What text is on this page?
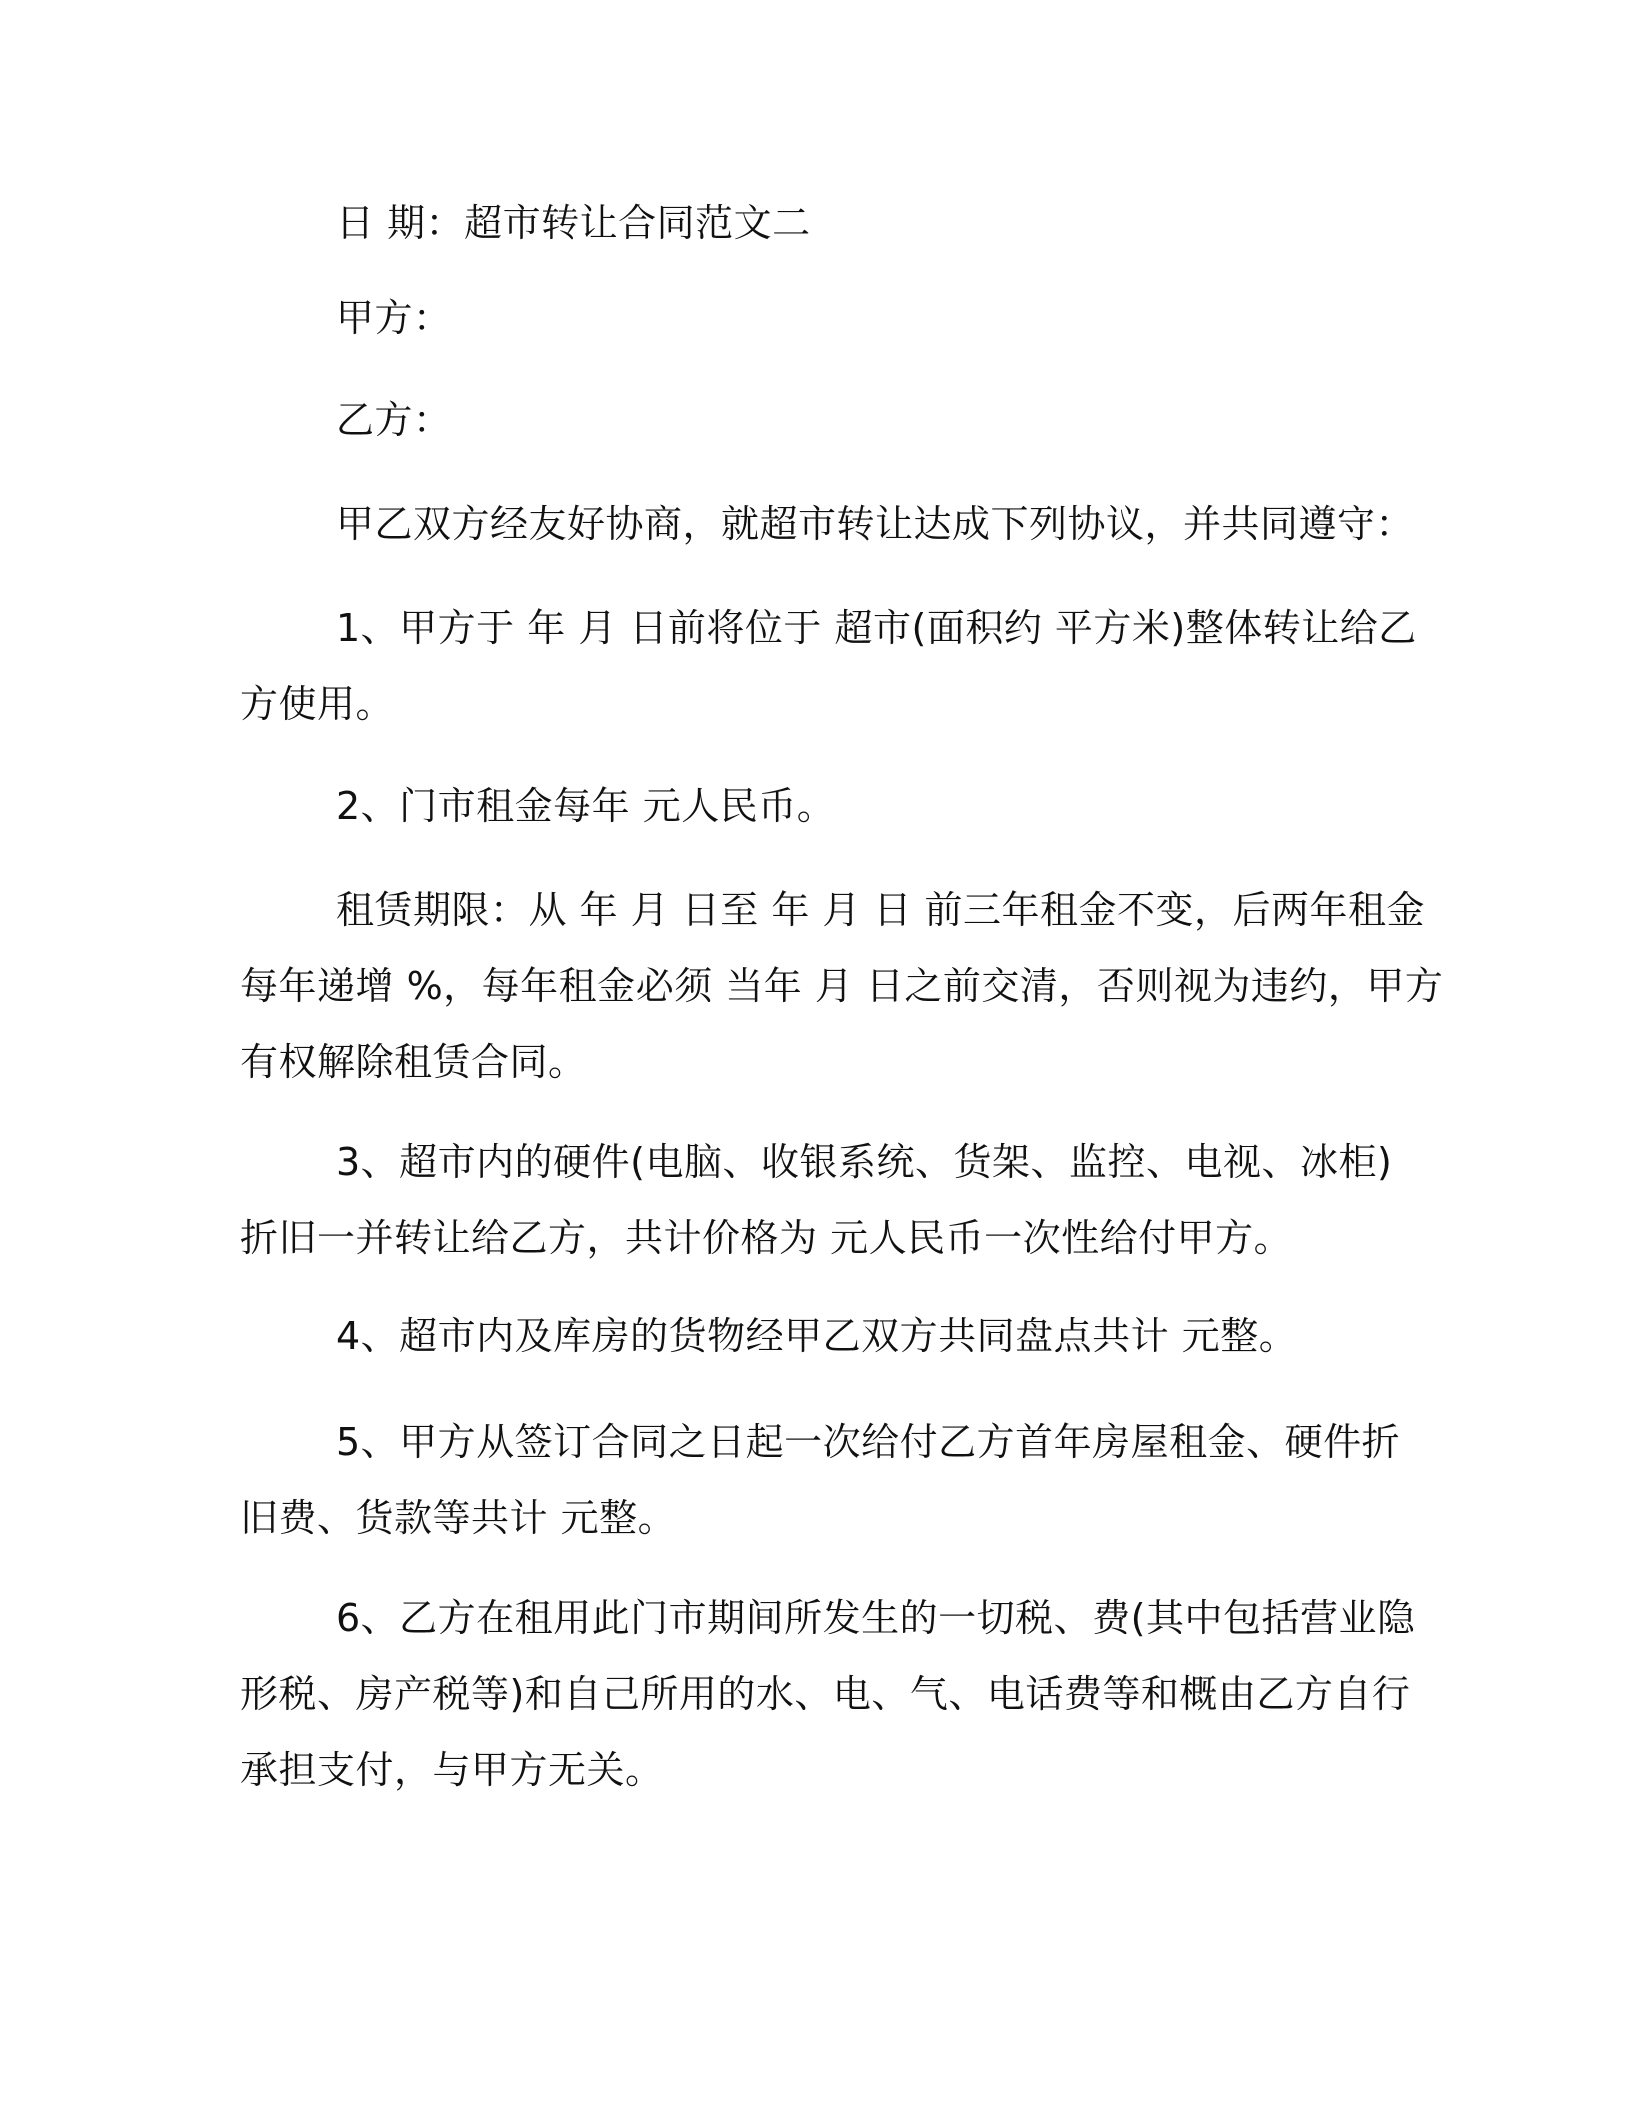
日 期：超市转让合同范文二
甲方：
乙方：
甲乙双方经友好协商，就超市转让达成下列协议，并共同遵守：
1、甲方于 年 月 日前将位于 超市(面积约 平方米)整体转让给乙
方使用。
2、门市租金每年 元人民币。
租赁期限：从 年 月 日至 年 月 日 前三年租金不变，后两年租金
每年递增 %，每年租金必须 当年 月 日之前交清，否则视为违约，甲方
有权解除租赁合同。
3、超市内的硬件(电脑、收银系统、货架、监控、电视、冰柜)
折旧一并转让给乙方，共计价格为 元人民币一次性给付甲方。
4、超市内及库房的货物经甲乙双方共同盘点共计 元整。
5、甲方从签订合同之日起一次给付乙方首年房屋租金、硬件折
旧费、货款等共计 元整。
6、乙方在租用此门市期间所发生的一切税、费(其中包括营业隐
形税、房产税等)和自己所用的水、电、气、电话费等和概由乙方自行
承担支付，与甲方无关。
